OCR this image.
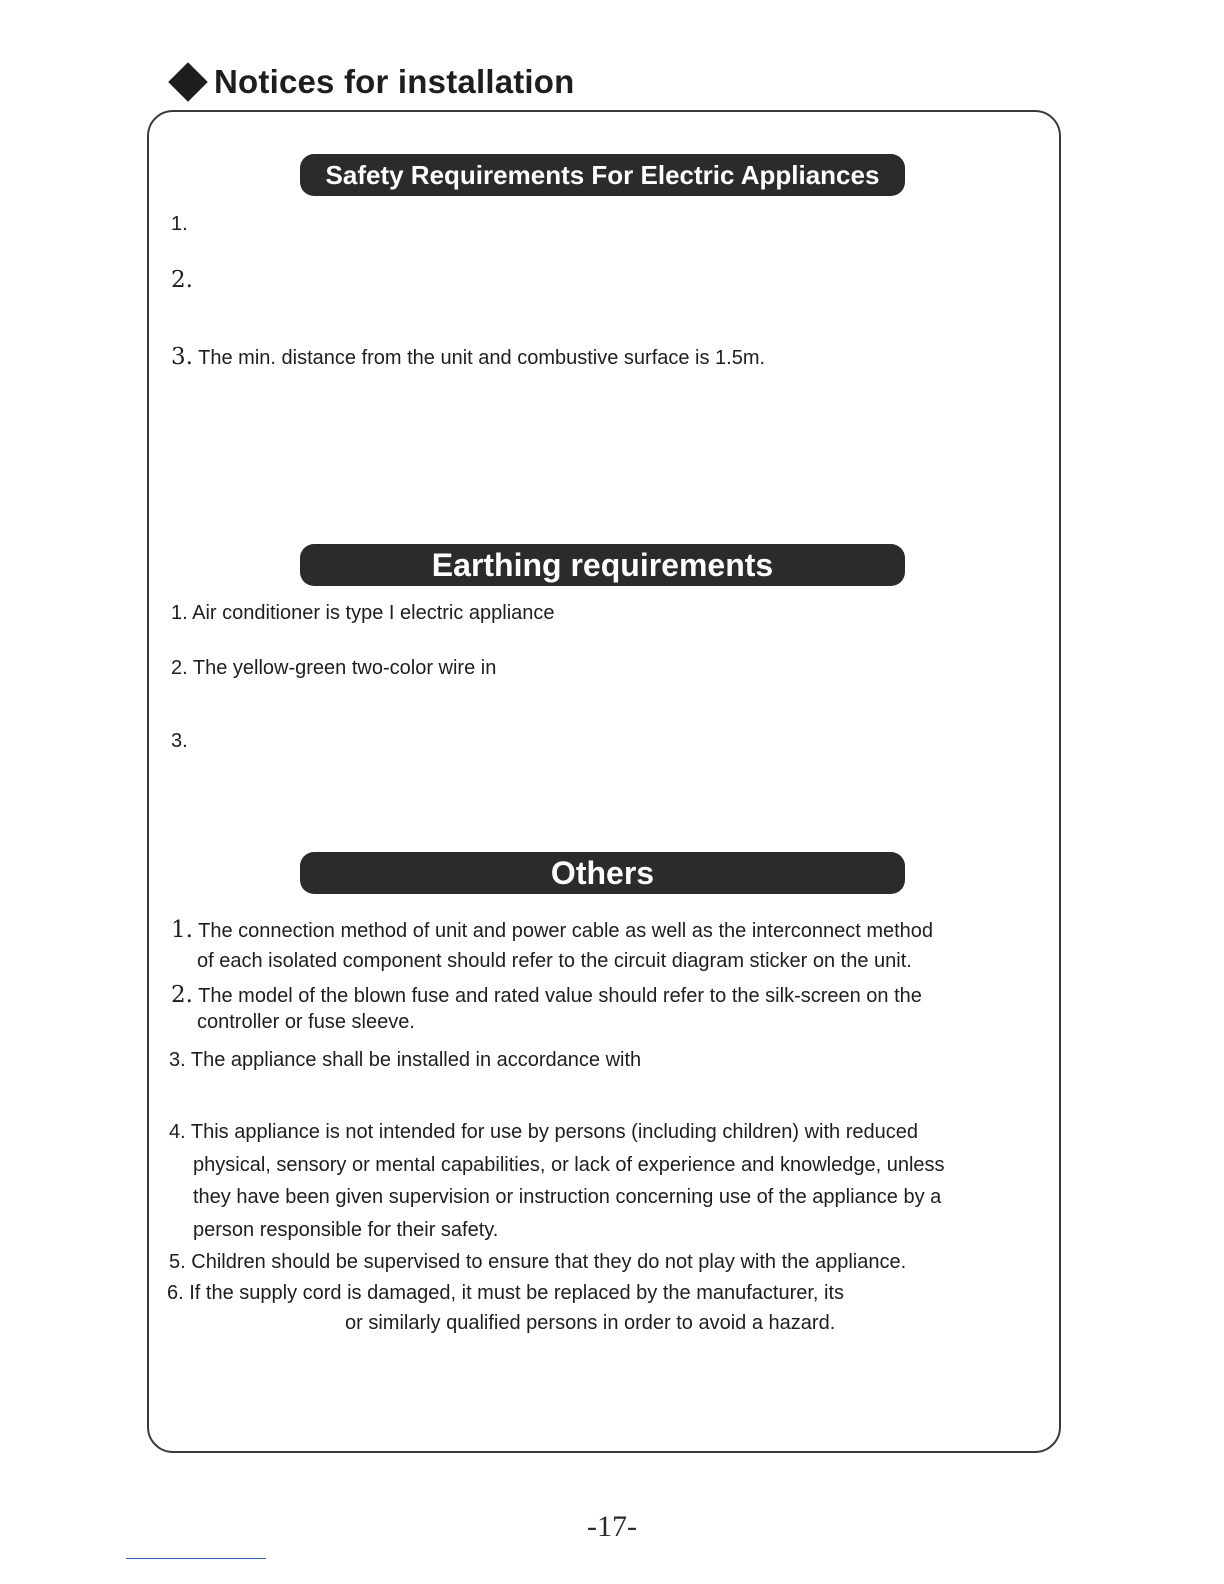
Notices for installation
Safety Requirements For Electric Appliances
1.
2.
3. The min. distance from the unit and combustive surface is 1.5m.
Earthing requirements
1. Air conditioner is type I electric appliance
2. The yellow-green two-color wire in
3.
Others
1. The connection method of unit and power cable as well as the interconnect method
of each isolated component should refer to the circuit diagram sticker on the unit.
2. The model of the blown fuse and rated value should refer to the silk-screen on the
controller or fuse sleeve.
3. The appliance shall be installed in accordance with
4. This appliance is not intended for use by persons (including children) with reduced
physical, sensory or mental capabilities, or lack of experience and knowledge, unless
they have been given supervision or instruction concerning use of the appliance by a
person responsible for their safety.
5. Children should be supervised to ensure that they do not play with the appliance.
6. If the supply cord is damaged, it must be replaced by the manufacturer, its
or similarly qualified persons in order to avoid a hazard.
-17-
